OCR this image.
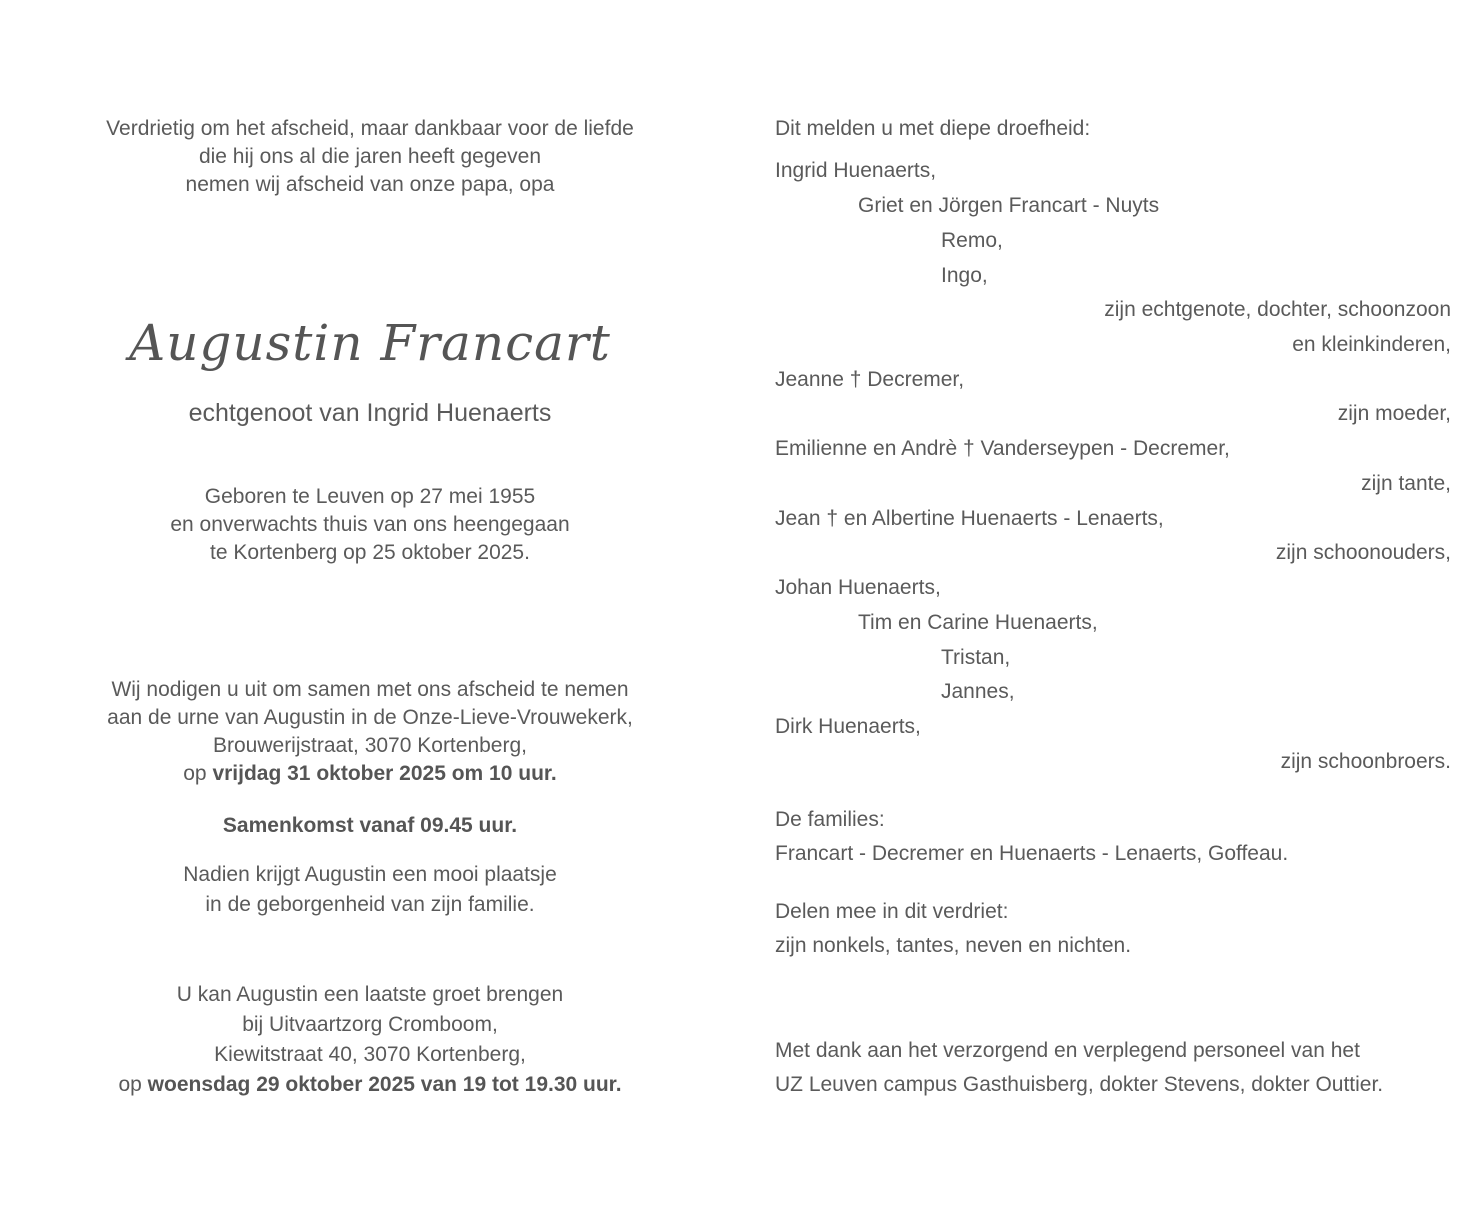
Verdrietig om het afscheid, maar dankbaar voor de liefde
die hij ons al die jaren heeft gegeven
nemen wij afscheid van onze papa, opa
Augustin Francart
echtgenoot van Ingrid Huenaerts
Geboren te Leuven op 27 mei 1955
en onverwachts thuis van ons heengegaan
te Kortenberg op 25 oktober 2025.
Wij nodigen u uit om samen met ons afscheid te nemen
aan de urne van Augustin in de Onze-Lieve-Vrouwekerk,
Brouwerijstraat, 3070 Kortenberg,
op vrijdag 31 oktober 2025 om 10 uur.
Samenkomst vanaf 09.45 uur.
Nadien krijgt Augustin een mooi plaatsje
in de geborgenheid van zijn familie.
U kan Augustin een laatste groet brengen
bij Uitvaartzorg Cromboom,
Kiewitstraat 40, 3070 Kortenberg,
op woensdag 29 oktober 2025 van 19 tot 19.30 uur.
Dit melden u met diepe droefheid:
Ingrid Huenaerts,
Griet en Jörgen Francart - Nuyts
Remo,
Ingo,
zijn echtgenote, dochter, schoonzoon
en kleinkinderen,
Jeanne † Decremer,
zijn moeder,
Emilienne en Andrè † Vanderseypen - Decremer,
zijn tante,
Jean † en Albertine Huenaerts - Lenaerts,
zijn schoonouders,
Johan Huenaerts,
Tim en Carine Huenaerts,
Tristan,
Jannes,
Dirk Huenaerts,
zijn schoonbroers.
De families:
Francart - Decremer en Huenaerts - Lenaerts, Goffeau.
Delen mee in dit verdriet:
zijn nonkels, tantes, neven en nichten.
Met dank aan het verzorgend en verplegend personeel van het
UZ Leuven campus Gasthuisberg, dokter Stevens, dokter Outtier.
